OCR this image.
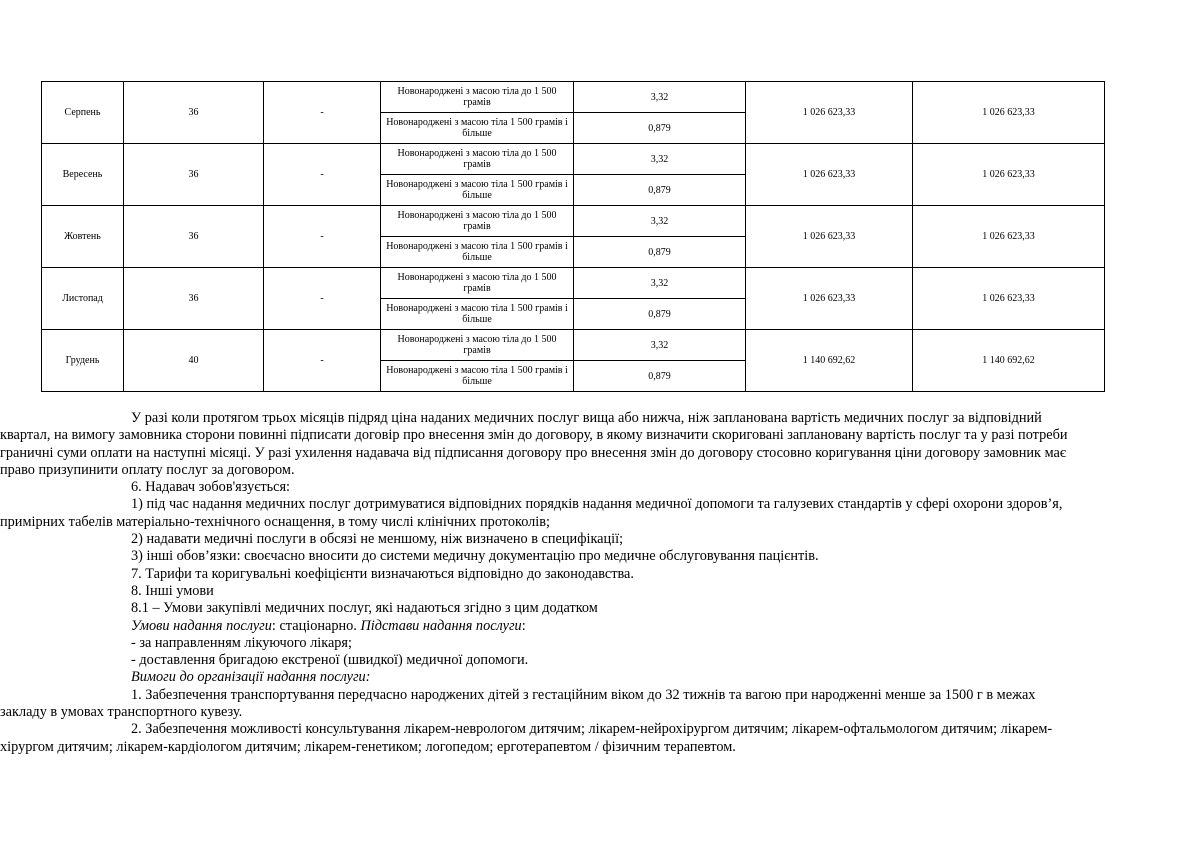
Серпень	36	-	Новонароджені з масою тіла до 1 500 грамів	3,32	1 026 623,33	1 026 623,33
			Новонароджені з масою тіла 1 500 грамів і більше	0,879		
Вересень	36	-	Новонароджені з масою тіла до 1 500 грамів	3,32	1 026 623,33	1 026 623,33
			Новонароджені з масою тіла 1 500 грамів і більше	0,879		
Жовтень	36	-	Новонароджені з масою тіла до 1 500 грамів	3,32	1 026 623,33	1 026 623,33
			Новонароджені з масою тіла 1 500 грамів і більше	0,879		
Листопад	36	-	Новонароджені з масою тіла до 1 500 грамів	3,32	1 026 623,33	1 026 623,33
			Новонароджені з масою тіла 1 500 грамів і більше	0,879		
Грудень	40	-	Новонароджені з масою тіла до 1 500 грамів	3,32	1 140 692,62	1 140 692,62
			Новонароджені з масою тіла 1 500 грамів і більше	0,879		

У разі коли протягом трьох місяців підряд ціна наданих медичних послуг вища або нижча, ніж запланована вартість медичних послуг за відповідний квартал, на вимогу замовника сторони повинні підписати договір про внесення змін до договору, в якому визначити скориговані заплановану вартість послуг та у разі потреби граничні суми оплати на наступні місяці. У разі ухилення надавача від підписання договору про внесення змін до договору стосовно коригування ціни договору замовник має право призупинити оплату послуг за договором.

6. Надавач зобов'язується:

1) під час надання медичних послуг дотримуватися відповідних порядків надання медичної допомоги та галузевих стандартів у сфері охорони здоров’я, примірних табелів матеріально-технічного оснащення, в тому числі клінічних протоколів;

2) надавати медичні послуги в обсязі не меншому, ніж визначено в специфікації;

3) інші обов’язки: своєчасно вносити до системи медичну документацію про медичне обслуговування пацієнтів.

7. Тарифи та коригувальні коефіцієнти визначаються відповідно до законодавства.

8. Інші умови

8.1 – Умови закупівлі медичних послуг, які надаються згідно з цим додатком

Умови надання послуги: стаціонарно. Підстави надання послуги:

- за направленням лікуючого лікаря;

- доставлення бригадою екстреної (швидкої) медичної допомоги.

Вимоги до організації надання послуги:

1. Забезпечення транспортування передчасно народжених дітей з гестаційним віком до 32 тижнів та вагою при народженні менше за 1500 г в межах закладу в умовах транспортного кувезу.

2. Забезпечення можливості консультування лікарем-неврологом дитячим; лікарем-нейрохірургом дитячим; лікарем-офтальмологом дитячим; лікарем-хірургом дитячим; лікарем-кардіологом дитячим; лікарем-генетиком; логопедом; ерготерапевтом / фізичним терапевтом.
